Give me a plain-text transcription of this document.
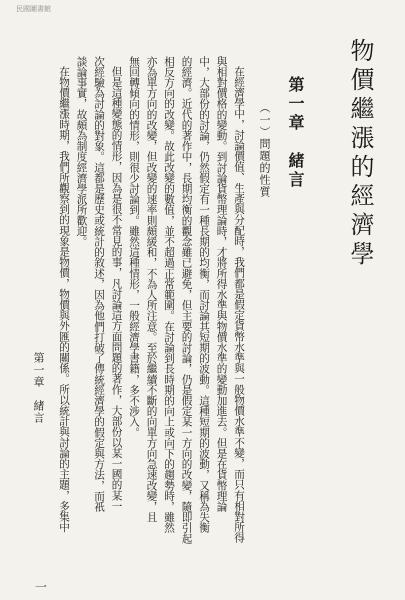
民國圖書館
物價繼漲的經濟學
第一章　緒言
（一）問題的性質
在經濟學中，討論價值、生產與分配時，我們都是假定貨幣水準與一般物價水準不變，而只有相對所得
與相對價格的變動。到討論貨幣理論時，才將所得水準與物價水準的變動加進去。但是在貨幣理論
中，大部份的討論，仍然假定有一種長期的均衡，而討論其短期的波動。這種短期的波動，又稱為失衡
的經濟。近代的著作中，長期均衡的觀念雖已避免，但主要的討論，仍是假定某一方向的改變，隨即引起
相反方向的改變。故此改變的數值，並不超過正常範圍。在討論到長時期的向上或向下的趨勢時，雖然
亦為單方向的改變，但改變的速率則頗緩和，不為人所注意。至於繼續不斷的向單方向急速改變，且
無回轉傾向的情形，則很少討論到。雖然這種情形，一般經濟學書籍，多不涉入。
但是這種變態的情形，因為是很不常見的事，凡討論這方面問題的著作，大部份以某一國的某一
次經驗為討論的對象。這都是歷史或統計的敘述，因為他們打破了傳統經濟學的假定與方法，而祇
談論事實，故頗為制度經濟學派所歡迎。
在物價繼漲時期，我們所觀察到的現象是物價，物價與外匯的關係。所以統計與討論的主題，多集中
第一章　緒言
一
